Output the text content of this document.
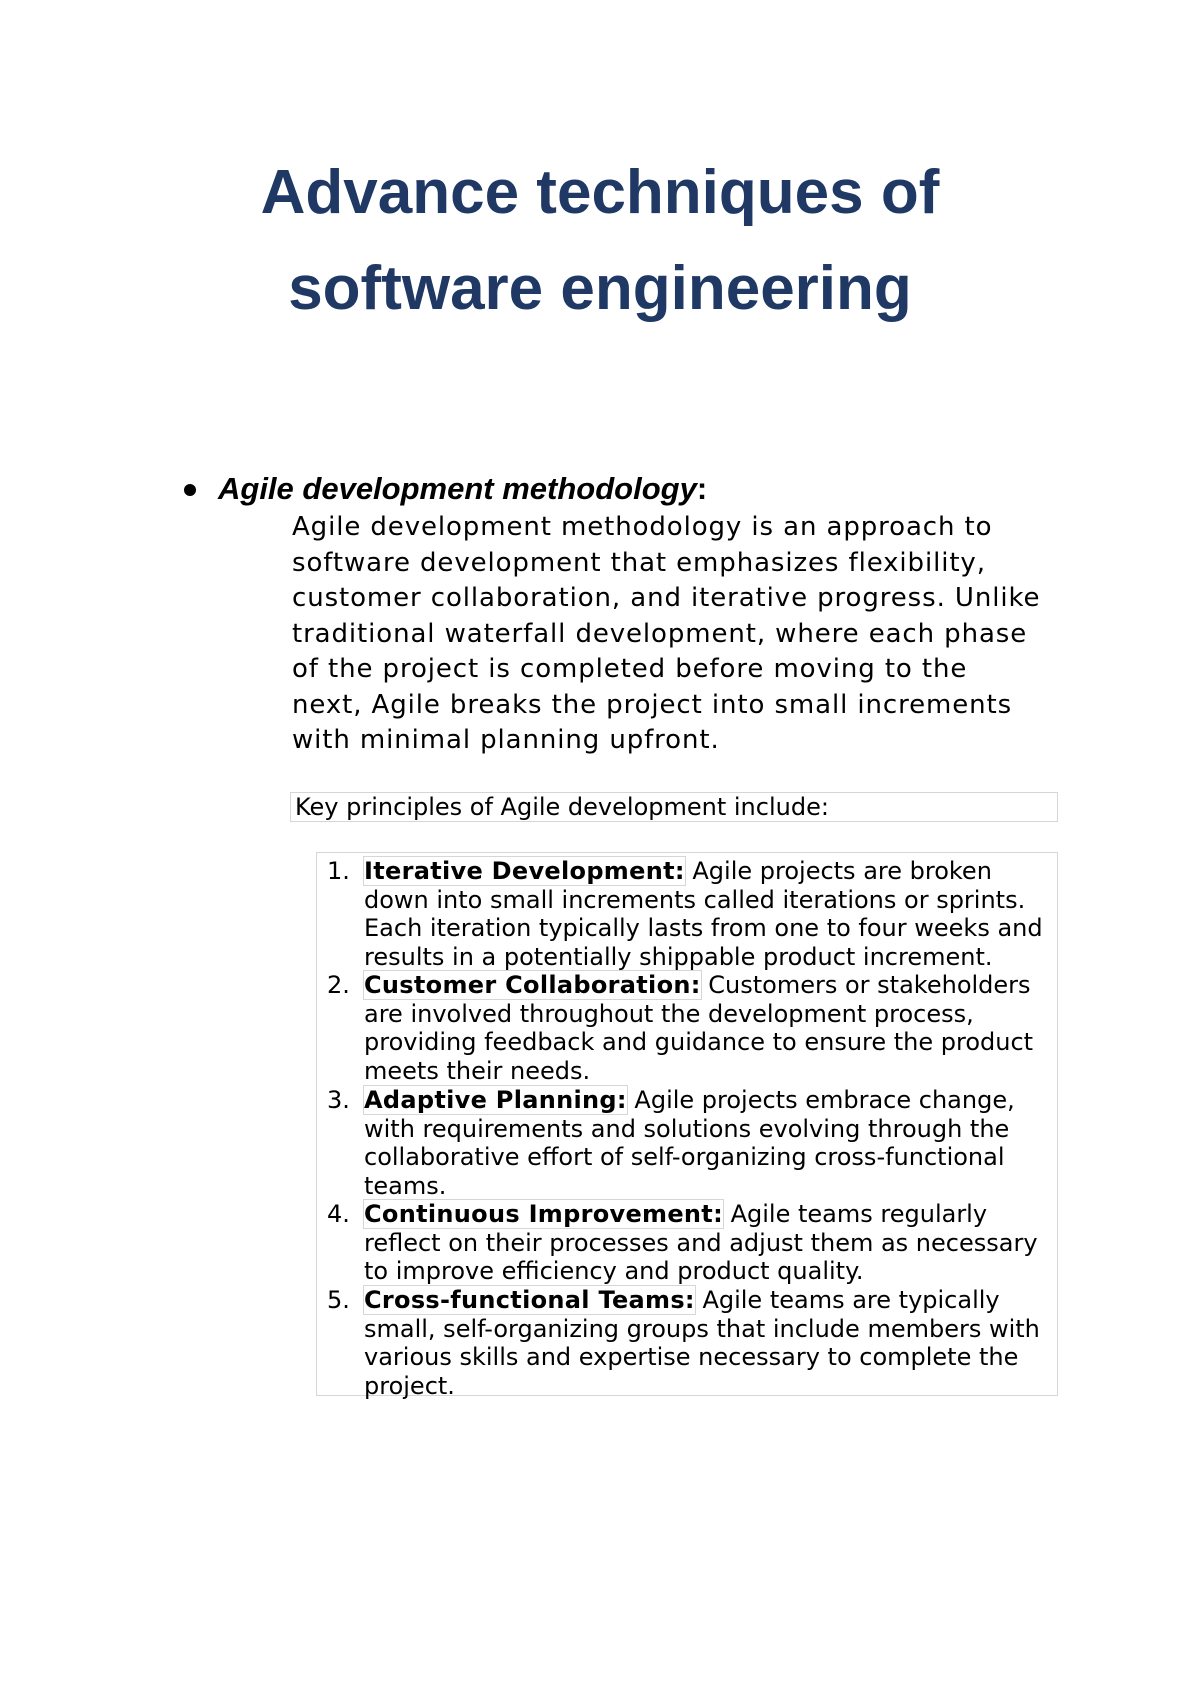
Advance techniques of
software engineering
Agile development methodology:

Agile development methodology is an approach to
software development that emphasizes flexibility,
customer collaboration, and iterative progress. Unlike
traditional waterfall development, where each phase
of the project is completed before moving to the
next, Agile breaks the project into small increments
with minimal planning upfront.

Key principles of Agile development include:
1. Iterative Development: Agile projects are broken
down into small increments called iterations or sprints.
Each iteration typically lasts from one to four weeks and
results in a potentially shippable product increment.
2. Customer Collaboration: Customers or stakeholders
are involved throughout the development process,
providing feedback and guidance to ensure the product
meets their needs.
3. Adaptive Planning: Agile projects embrace change,
with requirements and solutions evolving through the
collaborative effort of self-organizing cross-functional
teams.
4. Continuous Improvement: Agile teams regularly
reflect on their processes and adjust them as necessary
to improve efficiency and product quality.
5. Cross-functional Teams: Agile teams are typically
small, self-organizing groups that include members with
various skills and expertise necessary to complete the
project.
